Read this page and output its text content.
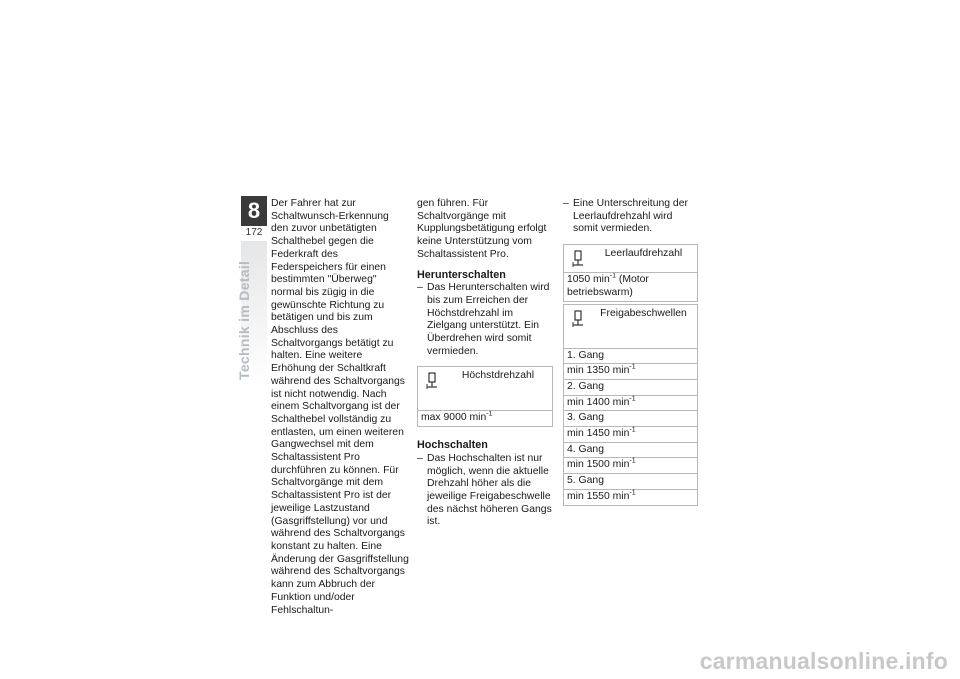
8
172
Technik im Detail

Der Fahrer hat zur Schaltwunsch-Erkennung den zuvor unbetätigten Schalthebel gegen die Federkraft des Federspeichers für einen bestimmten "Überweg" normal bis zügig in die gewünschte Richtung zu betätigen und bis zum Abschluss des Schaltvorgangs betätigt zu halten. Eine weitere Erhöhung der Schaltkraft während des Schaltvorgangs ist nicht notwendig. Nach einem Schaltvorgang ist der Schalthebel vollständig zu entlasten, um einen weiteren Gangwechsel mit dem Schaltassistent Pro durchführen zu können. Für Schaltvorgänge mit dem Schaltassistent Pro ist der jeweilige Lastzustand (Gasgriffstellung) vor und während des Schaltvorgangs konstant zu halten. Eine Änderung der Gasgriffstellung während des Schaltvorgangs kann zum Abbruch der Funktion und/oder Fehlschaltun-

gen führen. Für Schaltvorgänge mit Kupplungsbetätigung erfolgt keine Unterstützung vom Schaltassistent Pro.

Herunterschalten
– Das Herunterschalten wird bis zum Erreichen der Höchstdrehzahl im Zielgang unterstützt. Ein Überdrehen wird somit vermieden.
Höchstdrehzahl
max 9000 $\min^{-1}$
Hochschalten
– Das Hochschalten ist nur möglich, wenn die aktuelle Drehzahl höher als die jeweilige Freigabeschwelle des nächst höheren Gangs ist.
– Eine Unterschreitung der Leerlaufdrehzahl wird somit vermieden.
Leerlaufdrehzahl
1050 $\min^{-1}$ (Motor betriebswarm)
Freigabeschwellen
1. Gang
min 1350 $\min^{-1}$
2. Gang
min 1400 $\min^{-1}$
3. Gang
min 1450 $\min^{-1}$
4. Gang
min 1500 $\min^{-1}$
5. Gang
min 1550 $\min^{-1}$
carmanualsonline.info
